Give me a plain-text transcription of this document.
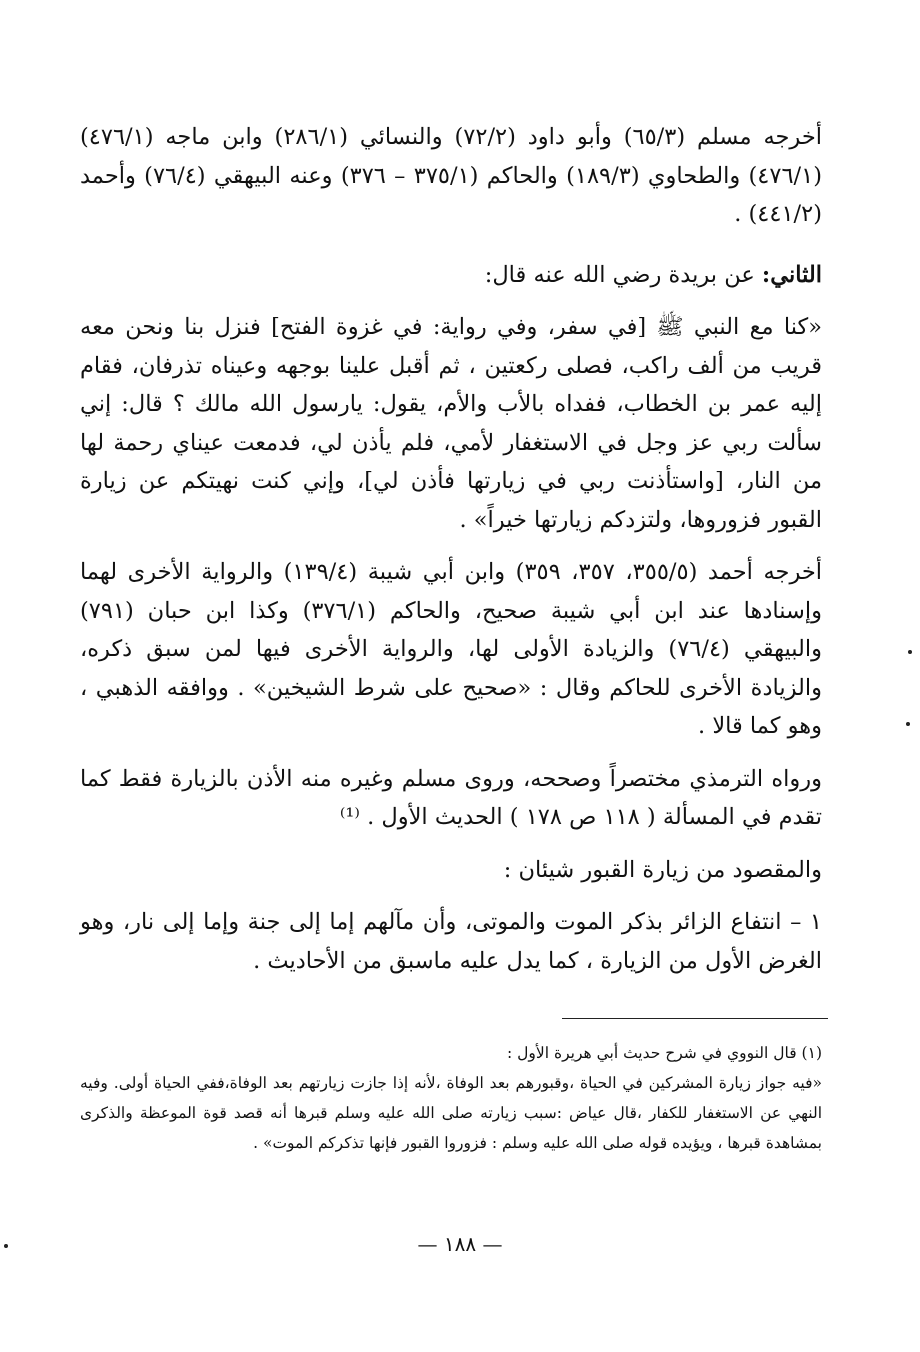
أخرجه مسلم (٦٥/٣) وأبو داود (٧٢/٢) والنسائي (٢٨٦/١) وابن ماجه (٤٧٦/١) (٤٧٦/١) والطحاوي (١٨٩/٣) والحاكم (٣٧٥/١ – ٣٧٦) وعنه البيهقي (٧٦/٤) وأحمد (٤٤١/٢) .

الثاني: عن بريدة رضي الله عنه قال:

«كنا مع النبي ﷺ [في سفر، وفي رواية: في غزوة الفتح] فنزل بنا ونحن معه قريب من ألف راكب، فصلى ركعتين ، ثم أقبل علينا بوجهه وعيناه تذرفان، فقام إليه عمر بن الخطاب، ففداه بالأب والأم، يقول: يارسول الله مالك ؟ قال: إني سألت ربي عز وجل في الاستغفار لأمي، فلم يأذن لي، فدمعت عيناي رحمة لها من النار، [واستأذنت ربي في زيارتها فأذن لي]، وإني كنت نهيتكم عن زيارة القبور فزوروها، ولتزدكم زيارتها خيراً» .

أخرجه أحمد (٣٥٥/٥، ٣٥٧، ٣٥٩) وابن أبي شيبة (١٣٩/٤) والرواية الأخرى لهما وإسنادها عند ابن أبي شيبة صحيح، والحاكم (٣٧٦/١) وكذا ابن حبان (٧٩١) والبيهقي (٧٦/٤) والزيادة الأولى لها، والرواية الأخرى فيها لمن سبق ذكره، والزيادة الأخرى للحاكم وقال : «صحيح على شرط الشيخين» . ووافقه الذهبي ، وهو كما قالا .

ورواه الترمذي مختصراً وصححه، وروى مسلم وغيره منه الأذن بالزيارة فقط كما تقدم في المسألة ( ١١٨ ص ١٧٨ ) الحديث الأول . ⁽¹⁾

والمقصود من زيارة القبور شيئان :

١ – انتفاع الزائر بذكر الموت والموتى، وأن مآلهم إما إلى جنة وإما إلى نار، وهو الغرض الأول من الزيارة ، كما يدل عليه ماسبق من الأحاديث .

(١) قال النووي في شرح حديث أبي هريرة الأول :

«فيه جواز زيارة المشركين في الحياة ،وقبورهم بعد الوفاة ،لأنه إذا جازت زيارتهم بعد الوفاة،ففي الحياة أولى. وفيه النهي عن الاستغفار للكفار ،قال عياض :سبب زيارته صلى الله عليه وسلم قبرها أنه قصد قوة الموعظة والذكرى بمشاهدة قبرها ، ويؤيده قوله صلى الله عليه وسلم : فزوروا القبور فإنها تذكركم الموت» .

— ١٨٨ —
